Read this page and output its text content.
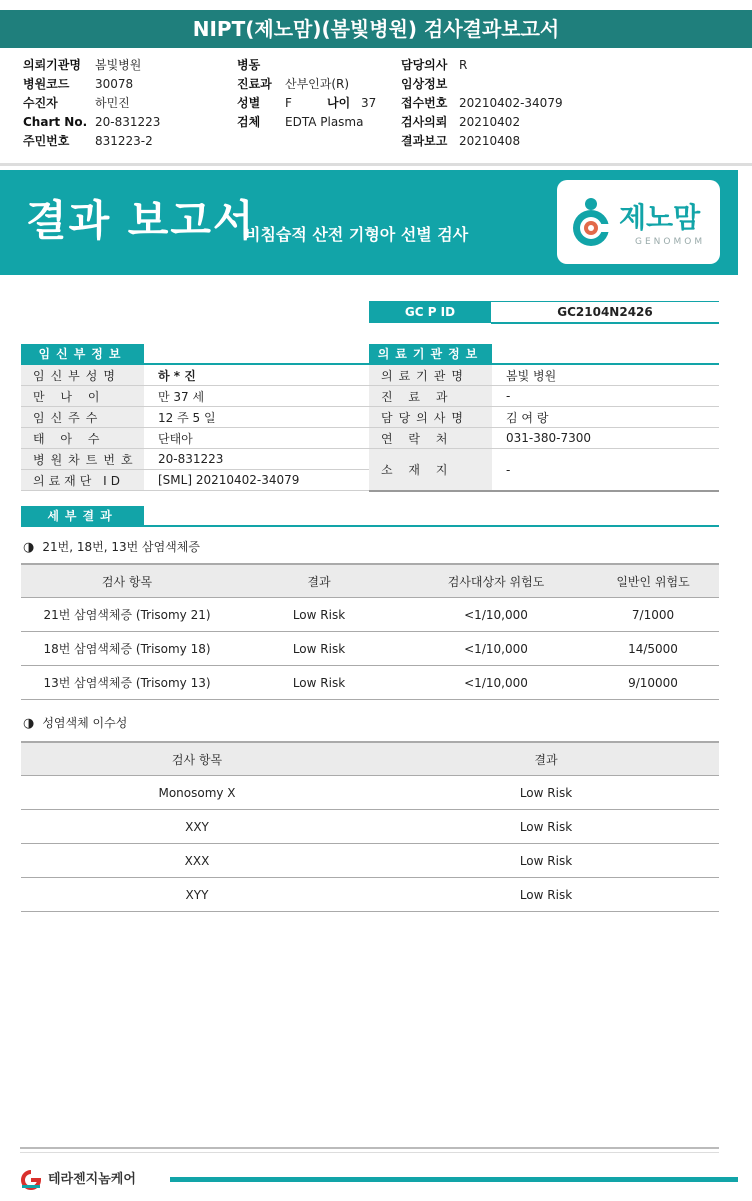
NIPT(제노맘)(봄빛병원) 검사결과보고서
의뢰기관명 봄빛병원
병원코드 30078
수진자	하민진
Chart No. 20-831223
주민번호 831223-2
병동
진료과 산부인과(R)
성별 F	나이 37
검체 EDTA Plasma
담당의사 R
임상정보
접수번호 20210402-34079
검사의뢰 20210402
결과보고 20210408
결과 보고서
비침습적 산전 기형아 선별 검사
제노맘
GENOMOM
GC P ID	GC2104N2426
임신부정보
임신부성명	하 * 진
만 나 이	만 37 세
임신주수	12 주 5 일
태 아 수	단태아
병원차트번호	20-831223
의료재단 ID	[SML] 20210402-34079
의료기관정보
의료기관명	봄빛 병원
진 료 과	-
담당의사명	김 여 랑
연 락 처	031-380-7300
소 재 지	-
세부결과
◑ 21번, 18번, 13번 삼염색체증
검사 항목	결과	검사대상자 위험도	일반인 위험도
21번 삼염색체증 (Trisomy 21)	Low Risk	<1/10,000	7/1000
18번 삼염색체증 (Trisomy 18)	Low Risk	<1/10,000	14/5000
13번 삼염색체증 (Trisomy 13)	Low Risk	<1/10,000	9/10000
◑ 성염색체 이수성
검사 항목	결과
Monosomy X	Low Risk
XXY	Low Risk
XXX	Low Risk
XYY	Low Risk
테라젠지놈케어
